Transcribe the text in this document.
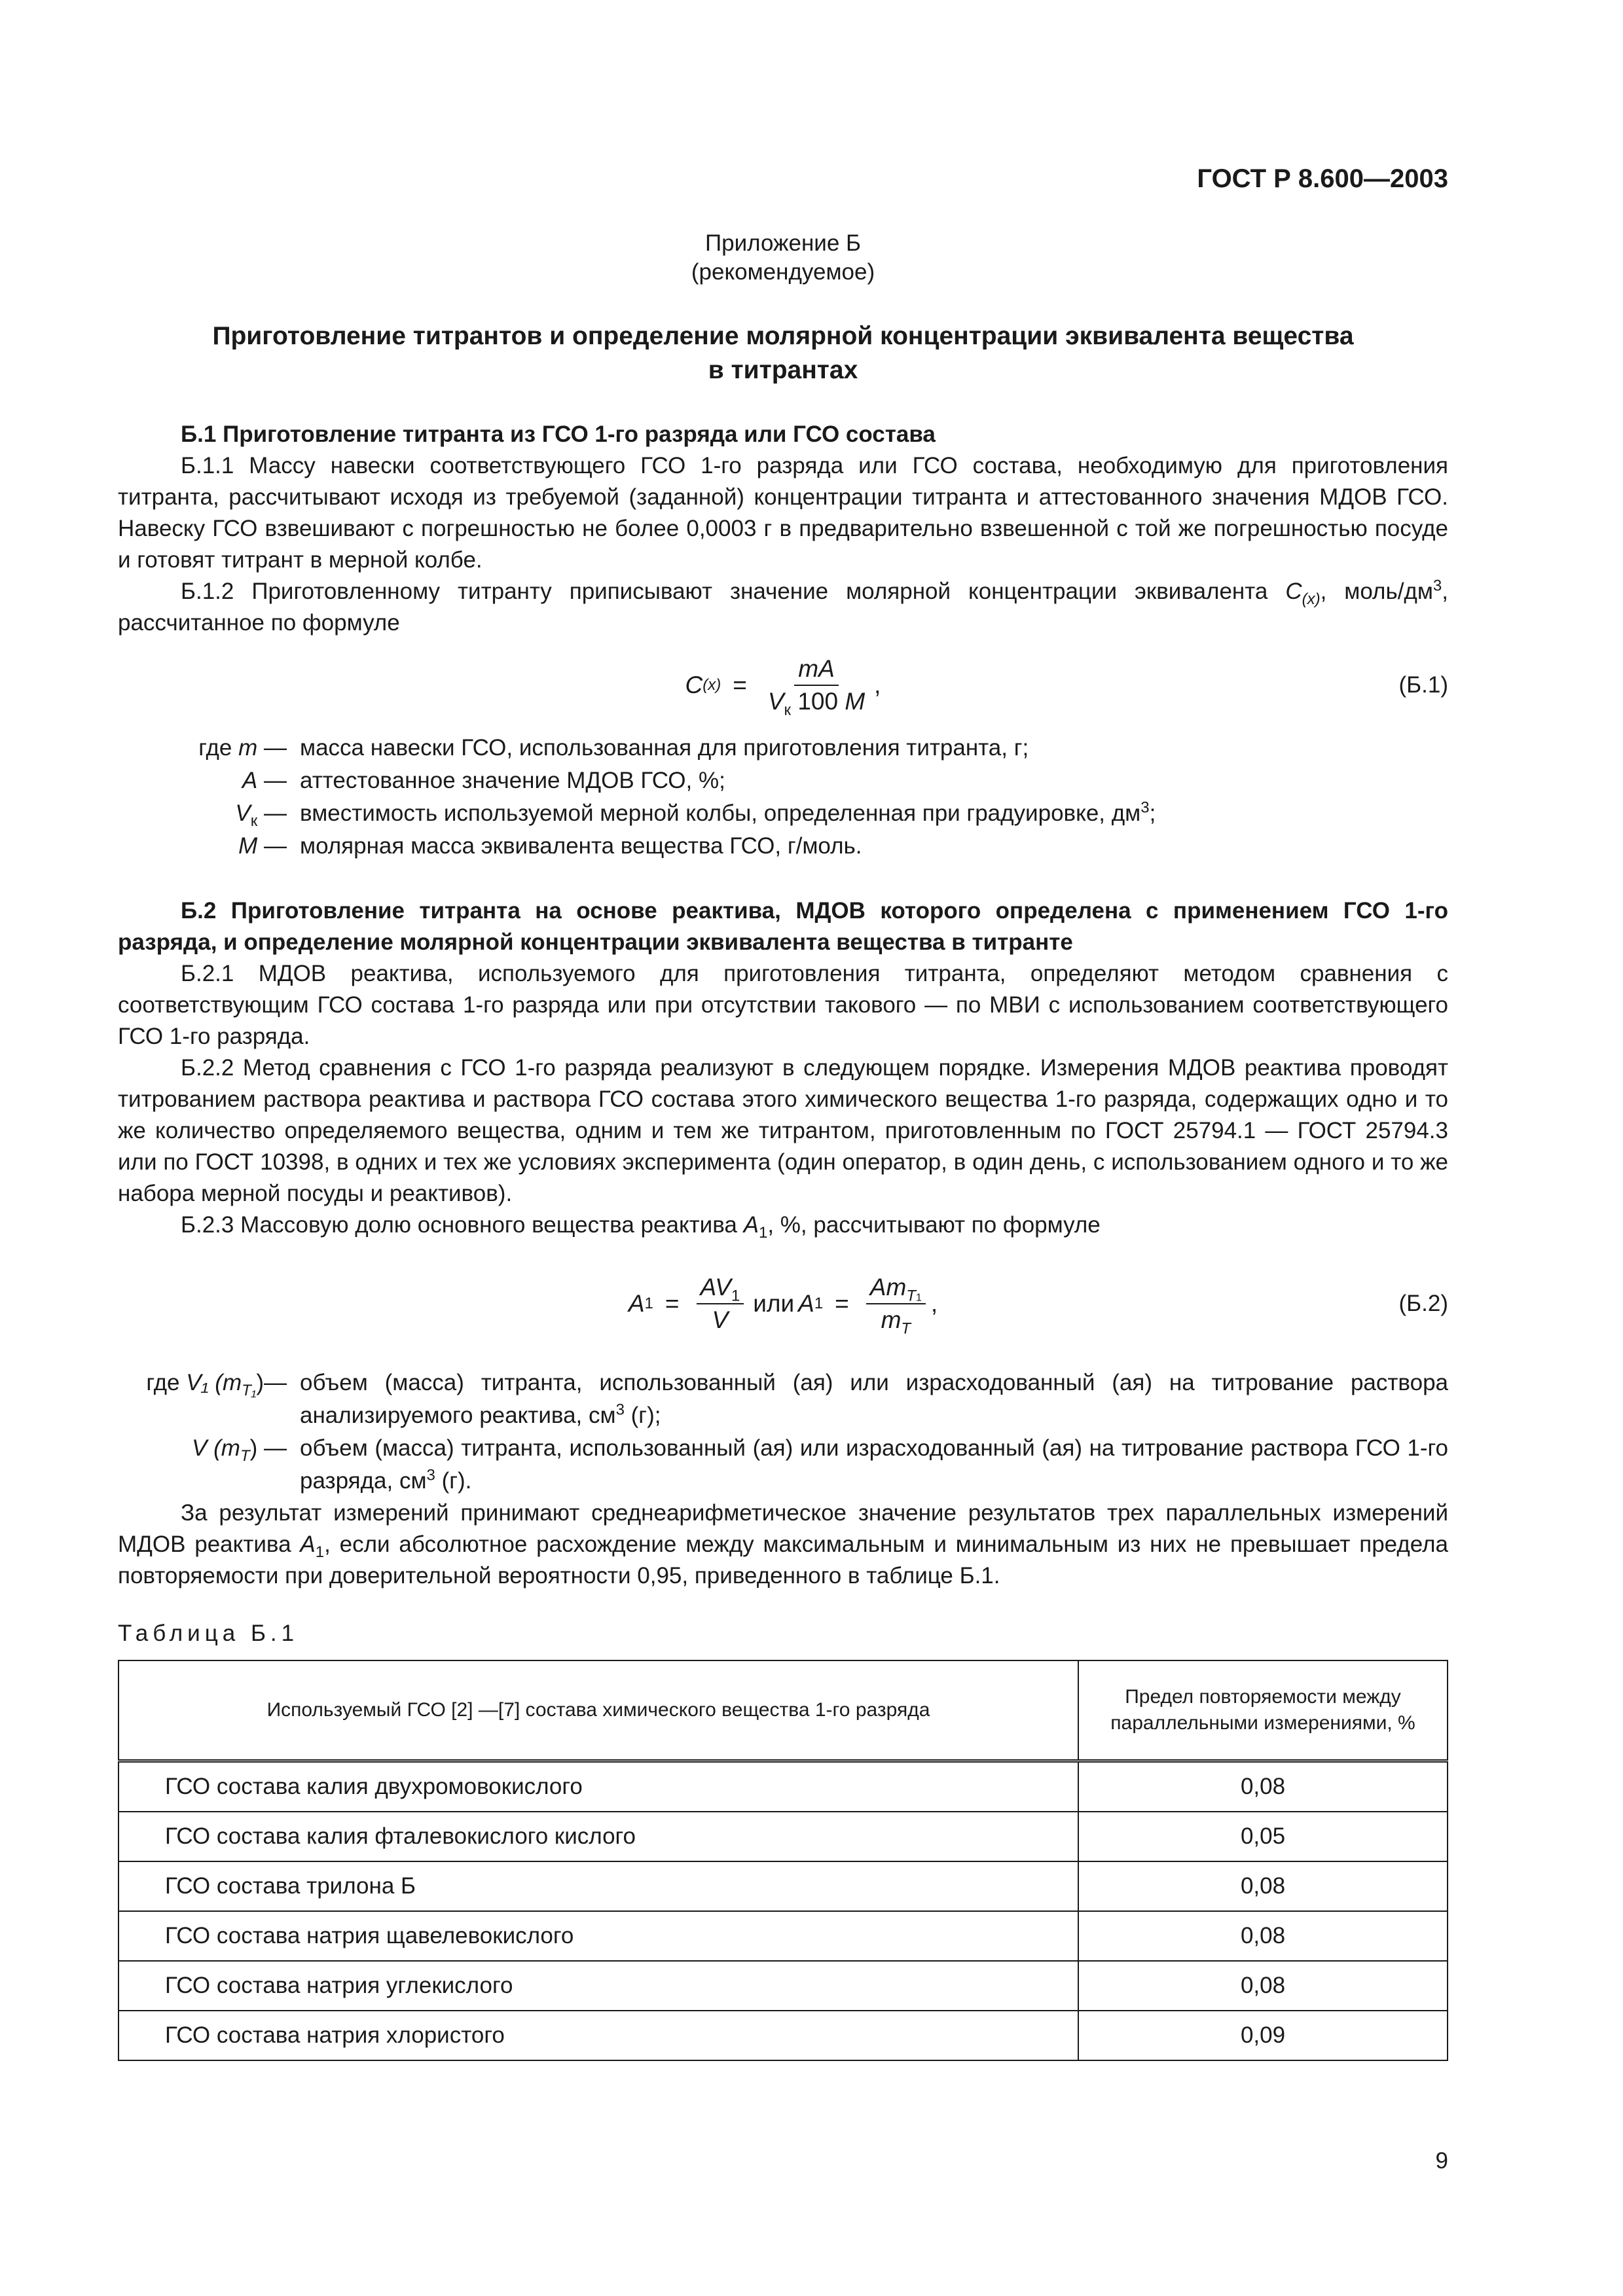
ГОСТ Р 8.600—2003
Приложение Б
(рекомендуемое)
Приготовление титрантов и определение молярной концентрации эквивалента вещества
в титрантах
Б.1 Приготовление титранта из ГСО 1-го разряда или ГСО состава

Б.1.1 Массу навески соответствующего ГСО 1-го разряда или ГСО состава, необходимую для приготовления титранта, рассчитывают исходя из требуемой (заданной) концентрации титранта и аттестованного значения МДОВ ГСО. Навеску ГСО взвешивают с погрешностью не более 0,0003 г в предварительно взвешенной с той же погрешностью посуде и готовят титрант в мерной колбе.

Б.1.2 Приготовленному титранту приписывают значение молярной концентрации эквивалента $C_{(x)}$, моль/$дм^3$, рассчитанное по формуле

C $(x) = \frac{mA}{V_к 100 M}$ ,	(Б.1)
где m — масса навески ГСО, использованная для приготовления титранта, г;
A — аттестованное значение МДОВ ГСО, %;
$V_к$ — вместимость используемой мерной колбы, определенная при градуировке, $дм^3$;
M — молярная масса эквивалента вещества ГСО, г/моль.
Б.2 Приготовление титранта на основе реактива, МДОВ которого определена с применением ГСО 1-го разряда, и определение молярной концентрации эквивалента вещества в титранте

Б.2.1 МДОВ реактива, используемого для приготовления титранта, определяют методом сравнения с соответствующим ГСО состава 1-го разряда или при отсутствии такового — по МВИ с использованием соответствующего ГСО 1-го разряда.

Б.2.2 Метод сравнения с ГСО 1-го разряда реализуют в следующем порядке. Измерения МДОВ реактива проводят титрованием раствора реактива и раствора ГСО состава этого химического вещества 1-го разряда, содержащих одно и то же количество определяемого вещества, одним и тем же титрантом, приготовленным по ГОСТ 25794.1 — ГОСТ 25794.3 или по ГОСТ 10398, в одних и тех же условиях эксперимента (один оператор, в один день, с использованием одного и то же набора мерной посуды и реактивов).

Б.2.3 Массовую долю основного вещества реактива $A_1$, %, рассчитывают по формуле

A $1 = \frac{AV_1}{V}$ или A $1 = \frac{Am_{T1}}{m_T}$ ,	(Б.2)
где V₁ $(m_{T_1})—$ объем (масса) титранта, использованный (ая) или израсходованный (ая) на титрование раствора анализируемого реактива, $см^3$ (г);
V $(m_T)$ — объем (масса) титранта, использованный (ая) или израсходованный (ая) на титрование раствора ГСО 1-го разряда, $см^3$ (г).

За результат измерений принимают среднеарифметическое значение результатов трех параллельных измерений МДОВ реактива $A_1$, если абсолютное расхождение между максимальным и минимальным из них не превышает предела повторяемости при доверительной вероятности 0,95, приведенного в таблице Б.1.

Таблица Б.1
Используемый ГСО [2] —[7] состава химического вещества 1-го разряда	Предел повторяемости между параллельными измерениями, %
ГСО состава калия двухромовокислого	0,08
ГСО состава калия фталевокислого кислого	0,05
ГСО состава трилона Б	0,08
ГСО состава натрия щавелевокислого	0,08
ГСО состава натрия углекислого	0,08
ГСО состава натрия хлористого	0,09
9
